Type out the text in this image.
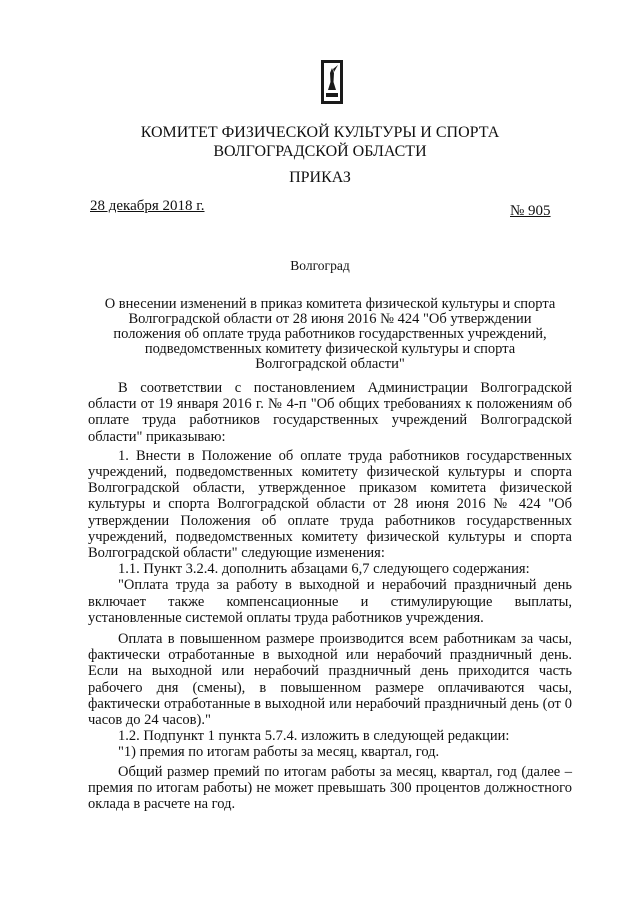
КОМИТЕТ ФИЗИЧЕСКОЙ КУЛЬТУРЫ И СПОРТА
ВОЛГОГРАДСКОЙ ОБЛАСТИ
ПРИКАЗ
28 декабря 2018 г.	№ 905
Волгоград
О внесении изменений в приказ комитета физической культуры и спорта
Волгоградской области от 28 июня 2016 № 424 "Об утверждении
положения об оплате труда работников государственных учреждений,
подведомственных комитету физической культуры и спорта
Волгоградской области"

В соответствии с постановлением Администрации Волгоградской области от 19 января 2016 г. № 4-п "Об общих требованиях к положениям об оплате труда работников государственных учреждений Волгоградской области" приказываю:

1. Внести в Положение об оплате труда работников государственных учреждений, подведомственных комитету физической культуры и спорта Волгоградской области, утвержденное приказом комитета физической культуры и спорта Волгоградской области от 28 июня 2016 № 424 "Об утверждении Положения об оплате труда работников государственных учреждений, подведомственных комитету физической культуры и спорта Волгоградской области" следующие изменения:

1.1. Пункт 3.2.4. дополнить абзацами 6,7 следующего содержания:

"Оплата труда за работу в выходной и нерабочий праздничный день включает также компенсационные и стимулирующие выплаты, установленные системой оплаты труда работников учреждения.

Оплата в повышенном размере производится всем работникам за часы, фактически отработанные в выходной или нерабочий праздничный день. Если на выходной или нерабочий праздничный день приходится часть рабочего дня (смены), в повышенном размере оплачиваются часы, фактически отработанные в выходной или нерабочий праздничный день (от 0 часов до 24 часов)."

1.2. Подпункт 1 пункта 5.7.4. изложить в следующей редакции:

"1) премия по итогам работы за месяц, квартал, год.

Общий размер премий по итогам работы за месяц, квартал, год (далее – премия по итогам работы) не может превышать 300 процентов должностного оклада в расчете на год.
